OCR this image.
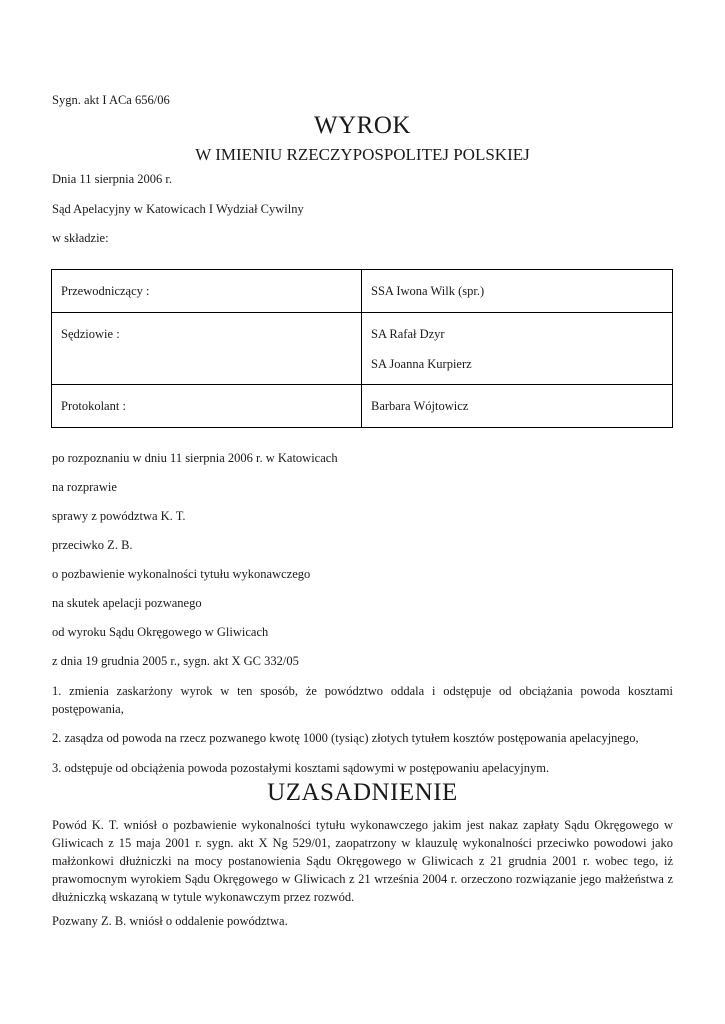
Sygn. akt I ACa 656/06
WYROK
W IMIENIU RZECZYPOSPOLITEJ POLSKIEJ
Dnia 11 sierpnia 2006 r.
Sąd Apelacyjny w Katowicach I Wydział Cywilny
w składzie:
Przewodniczący :	SSA Iwona Wilk (spr.)

Sędziowie :	SA Rafał Dzyr
SA Joanna Kurpierz

Protokolant :	Barbara Wójtowicz
po rozpoznaniu w dniu 11 sierpnia 2006 r. w Katowicach
na rozprawie
sprawy z powództwa K. T.
przeciwko Z. B.
o pozbawienie wykonalności tytułu wykonawczego
na skutek apelacji pozwanego
od wyroku Sądu Okręgowego w Gliwicach
z dnia 19 grudnia 2005 r., sygn. akt X GC 332/05
1. zmienia zaskarżony wyrok w ten sposób, że powództwo oddala i odstępuje od obciążania powoda kosztami postępowania,
2. zasądza od powoda na rzecz pozwanego kwotę 1000 (tysiąc) złotych tytułem kosztów postępowania apelacyjnego,
3. odstępuje od obciążenia powoda pozostałymi kosztami sądowymi w postępowaniu apelacyjnym.
UZASADNIENIE
Powód K. T. wniósł o pozbawienie wykonalności tytułu wykonawczego jakim jest nakaz zapłaty Sądu Okręgowego w Gliwicach z 15 maja 2001 r. sygn. akt X Ng 529/01, zaopatrzony w klauzulę wykonalności przeciwko powodowi jako małżonkowi dłużniczki na mocy postanowienia Sądu Okręgowego w Gliwicach z 21 grudnia 2001 r. wobec tego, iż prawomocnym wyrokiem Sądu Okręgowego w Gliwicach z 21 września 2004 r. orzeczono rozwiązanie jego małżeństwa z dłużniczką wskazaną w tytule wykonawczym przez rozwód.
Pozwany Z. B. wniósł o oddalenie powództwa.
